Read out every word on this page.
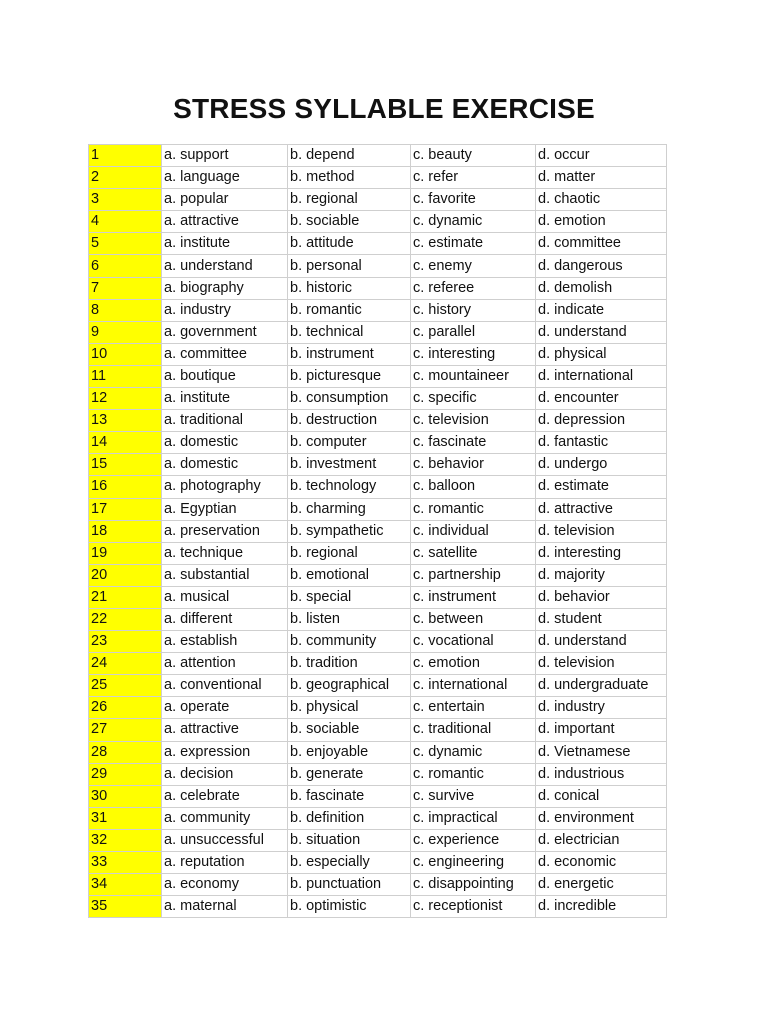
STRESS SYLLABLE EXERCISE
1	a. support	b. depend	c. beauty	d. occur
2	a. language	b. method	c. refer	d. matter
3	a. popular	b. regional	c. favorite	d. chaotic
4	a. attractive	b. sociable	c. dynamic	d. emotion
5	a. institute	b. attitude	c. estimate	d. committee
6	a. understand	b. personal	c. enemy	d. dangerous
7	a. biography	b. historic	c. referee	d. demolish
8	a. industry	b. romantic	c. history	d. indicate
9	a. government	b. technical	c. parallel	d. understand
10	a. committee	b. instrument	c. interesting	d. physical
11	a. boutique	b. picturesque	c. mountaineer	d. international
12	a. institute	b. consumption	c. specific	d. encounter
13	a. traditional	b. destruction	c. television	d. depression
14	a. domestic	b. computer	c. fascinate	d. fantastic
15	a. domestic	b. investment	c. behavior	d. undergo
16	a. photography	b. technology	c. balloon	d. estimate
17	a. Egyptian	b. charming	c. romantic	d. attractive
18	a. preservation	b. sympathetic	c. individual	d. television
19	a. technique	b. regional	c. satellite	d. interesting
20	a. substantial	b. emotional	c. partnership	d. majority
21	a. musical	b. special	c. instrument	d. behavior
22	a. different	b. listen	c. between	d. student
23	a. establish	b. community	c. vocational	d. understand
24	a. attention	b. tradition	c. emotion	d. television
25	a. conventional	b. geographical	c. international	d. undergraduate
26	a. operate	b. physical	c. entertain	d. industry
27	a. attractive	b. sociable	c. traditional	d. important
28	a. expression	b. enjoyable	c. dynamic	d. Vietnamese
29	a. decision	b. generate	c. romantic	d. industrious
30	a. celebrate	b. fascinate	c. survive	d. conical
31	a. community	b. definition	c. impractical	d. environment
32	a. unsuccessful	b. situation	c. experience	d. electrician
33	a. reputation	b. especially	c. engineering	d. economic
34	a. economy	b. punctuation	c. disappointing	d. energetic
35	a. maternal	b. optimistic	c. receptionist	d. incredible
